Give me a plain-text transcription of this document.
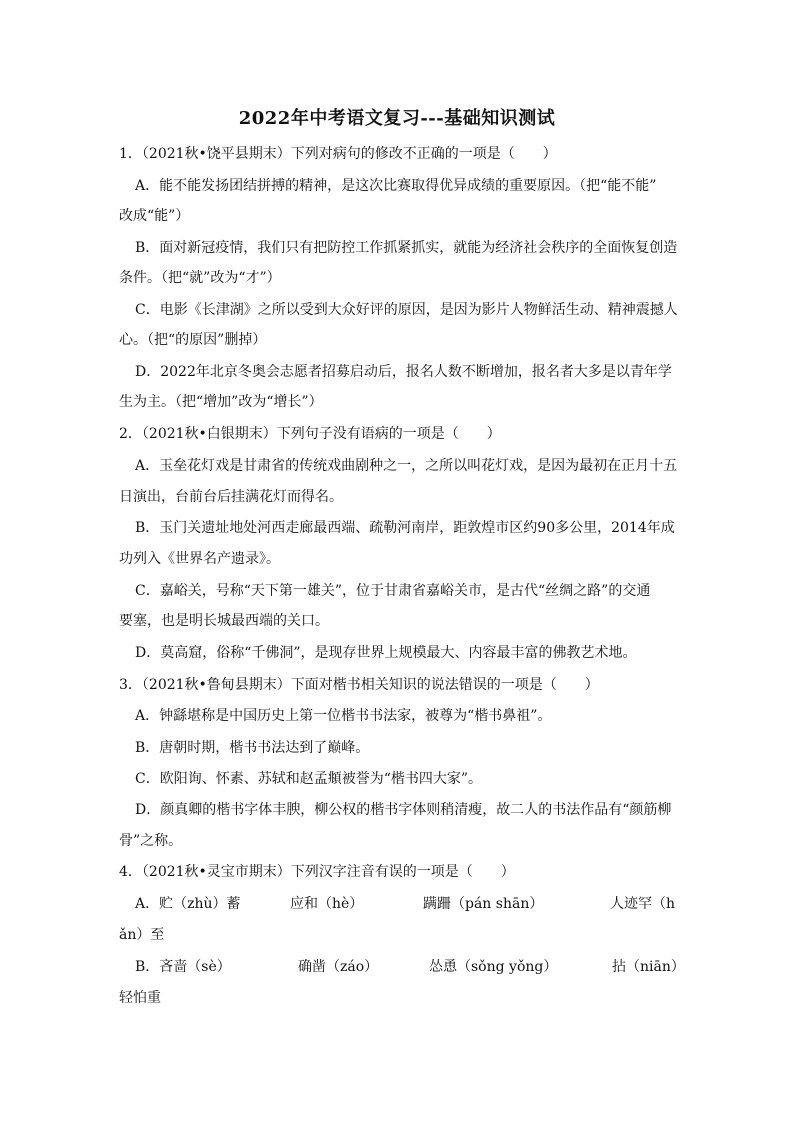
2022年中考语文复习---基础知识测试
1．（2021秋•饶平县期末）下列对病句的修改不正确的一项是（　　）
A．能不能发扬团结拼搏的精神，是这次比赛取得优异成绩的重要原因。（把“能不能”
改成“能”）
B．面对新冠疫情，我们只有把防控工作抓紧抓实，就能为经济社会秩序的全面恢复创造
条件。（把“就”改为“才”）
C．电影《长津湖》之所以受到大众好评的原因，是因为影片人物鲜活生动、精神震撼人
心。（把“的原因”删掉）
D．2022年北京冬奥会志愿者招募启动后，报名人数不断增加，报名者大多是以青年学
生为主。（把“增加”改为“增长”）
2．（2021秋•白银期末）下列句子没有语病的一项是（　　）
A．玉垒花灯戏是甘肃省的传统戏曲剧种之一，之所以叫花灯戏，是因为最初在正月十五
日演出，台前台后挂满花灯而得名。
B．玉门关遗址地处河西走廊最西端、疏勒河南岸，距敦煌市区约90多公里，2014年成
功列入《世界名产遗录》。
C．嘉峪关，号称“天下第一雄关”，位于甘肃省嘉峪关市，是古代“丝绸之路”的交通
要塞，也是明长城最西端的关口。
D．莫高窟，俗称“千佛洞”，是现存世界上规模最大、内容最丰富的佛教艺术地。
3．（2021秋•鲁甸县期末）下面对楷书相关知识的说法错误的一项是（　　）
A．钟繇堪称是中国历史上第一位楷书书法家，被尊为“楷书鼻祖”。
B．唐朝时期，楷书书法达到了巅峰。
C．欧阳询、怀素、苏轼和赵孟頫被誉为“楷书四大家”。
D．颜真卿的楷书字体丰腴，柳公权的楷书字体则稍清瘦，故二人的书法作品有“颜筋柳
骨”之称。
4．（2021秋•灵宝市期末）下列汉字注音有误的一项是（　　）
A．贮（zhù）蓄	应和（hè）	蹒跚（pán shān）	人迹罕（h
ǎn）至
B．吝啬（sè）	确凿（záo）	怂恿（sǒng yǒng）	拈（niān）
轻怕重
